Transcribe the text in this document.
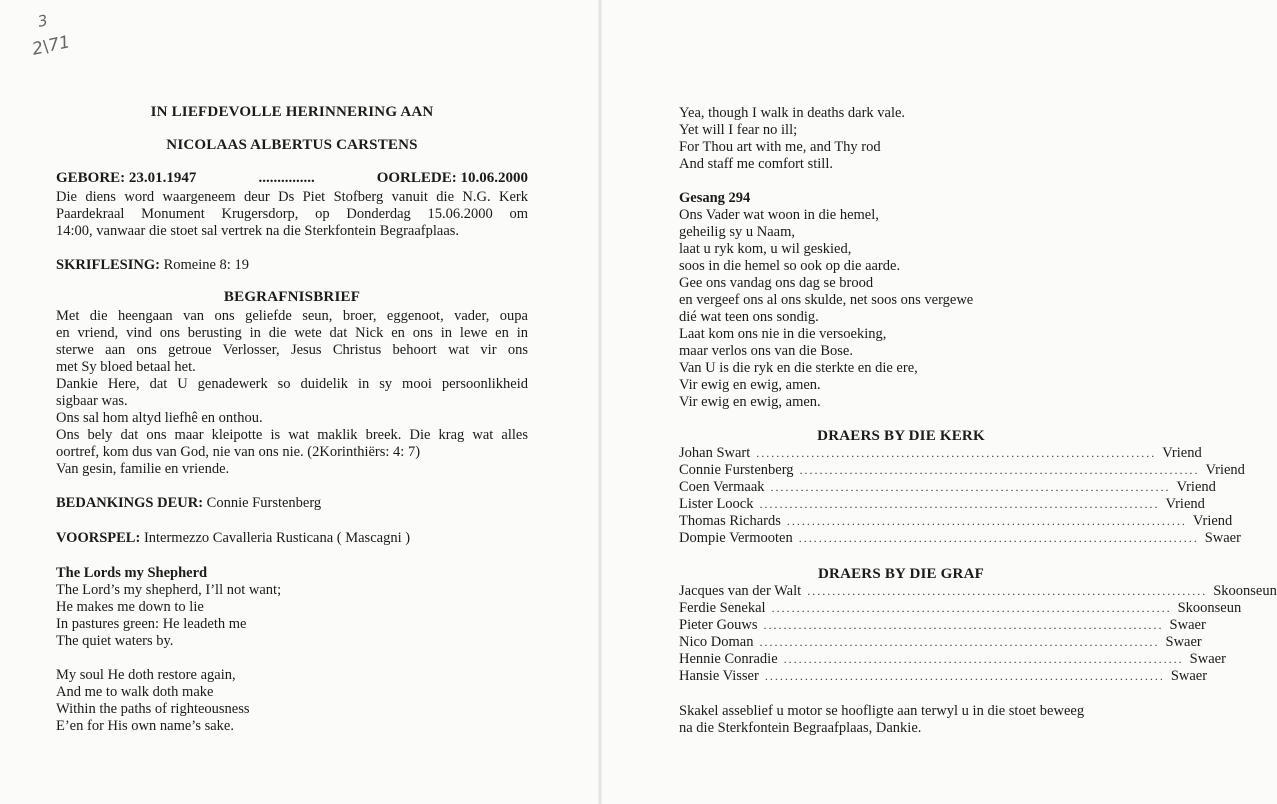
3
2\71
IN LIEFDEVOLLE HERINNERING AAN
NICOLAAS ALBERTUS CARSTENS
GEBORE: 23.01.1947	...............	OORLEDE: 10.06.2000
Die diens word waargeneem deur Ds Piet Stofberg vanuit die N.G. Kerk
Paardekraal Monument Krugersdorp, op Donderdag 15.06.2000 om
14:00, vanwaar die stoet sal vertrek na die Sterkfontein Begraafplaas.
SKRIFLESING: Romeine 8: 19
BEGRAFNISBRIEF
Met die heengaan van ons geliefde seun, broer, eggenoot, vader, oupa
en vriend, vind ons berusting in die wete dat Nick en ons in lewe en in
sterwe aan ons getroue Verlosser, Jesus Christus behoort wat vir ons
met Sy bloed betaal het.
Dankie Here, dat U genadewerk so duidelik in sy mooi persoonlikheid
sigbaar was.
Ons sal hom altyd liefhê en onthou.
Ons bely dat ons maar kleipotte is wat maklik breek. Die krag wat alles
oortref, kom dus van God, nie van ons nie. (2Korinthiërs: 4: 7)
Van gesin, familie en vriende.
BEDANKINGS DEUR: Connie Furstenberg
VOORSPEL: Intermezzo Cavalleria Rusticana ( Mascagni )
The Lords my Shepherd
The Lord’s my shepherd, I’ll not want;
He makes me down to lie
In pastures green: He leadeth me
The quiet waters by.
My soul He doth restore again,
And me to walk doth make
Within the paths of righteousness
E’en for His own name’s sake.
Yea, though I walk in deaths dark vale.
Yet will I fear no ill;
For Thou art with me, and Thy rod
And staff me comfort still.
Gesang 294
Ons Vader wat woon in die hemel,
geheilig sy u Naam,
laat u ryk kom, u wil geskied,
soos in die hemel so ook op die aarde.
Gee ons vandag ons dag se brood
en vergeef ons al ons skulde, net soos ons vergewe
dié wat teen ons sondig.
Laat kom ons nie in die versoeking,
maar verlos ons van die Bose.
Van U is die ryk en die sterkte en die ere,
Vir ewig en ewig, amen.
Vir ewig en ewig, amen.
DRAERS BY DIE KERK
Johan Swart ................................................................................ Vriend
Connie Furstenberg ................................................................................ Vriend
Coen Vermaak ................................................................................ Vriend
Lister Loock ................................................................................ Vriend
Thomas Richards ................................................................................ Vriend
Dompie Vermooten ................................................................................ Swaer
DRAERS BY DIE GRAF
Jacques van der Walt ................................................................................ Skoonseun
Ferdie Senekal ................................................................................ Skoonseun
Pieter Gouws ................................................................................ Swaer
Nico Doman ................................................................................ Swaer
Hennie Conradie ................................................................................ Swaer
Hansie Visser ................................................................................ Swaer
Skakel asseblief u motor se hoofligte aan terwyl u in die stoet beweeg
na die Sterkfontein Begraafplaas, Dankie.
